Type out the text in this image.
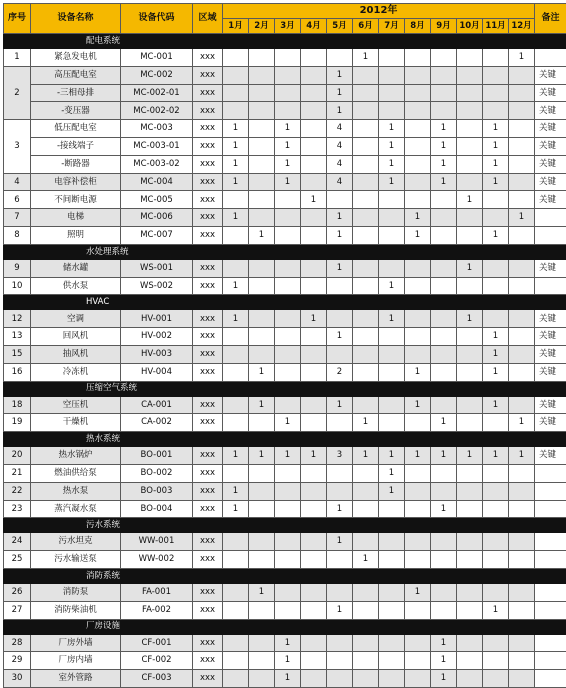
序号	设备名称	设备代码	区域	2012年												备注
				1月	2月	3月	4月	5月	6月	7月	8月	9月	10月	11月	12月	
	配电系统															
1	紧急发电机	MC-001	xxx						1						1	
2	高压配电室	MC-002	xxx					1								关键
	-三相母排	MC-002-01	xxx					1								关键
	-变压器	MC-002-02	xxx					1								关键
3	低压配电室	MC-003	xxx	1		1		4		1		1		1		关键
	-接线端子	MC-003-01	xxx	1		1		4		1		1		1		关键
	-断路器	MC-003-02	xxx	1		1		4		1		1		1		关键
4	电容补偿柜	MC-004	xxx	1		1		4		1		1		1		关键
6	不间断电源	MC-005	xxx				1						1			关键
7	电梯	MC-006	xxx	1				1			1				1	
8	照明	MC-007	xxx		1			1			1			1		
	水处理系统															
9	储水罐	WS-001	xxx					1					1			关键
10	供水泵	WS-002	xxx	1						1						
	HVAC															
12	空调	HV-001	xxx	1			1			1			1			关键
13	回风机	HV-002	xxx					1						1		关键
15	抽风机	HV-003	xxx											1		关键
16	冷冻机	HV-004	xxx		1			2			1			1		关键
	压缩空气系统															
18	空压机	CA-001	xxx		1			1			1			1		关键
19	干燥机	CA-002	xxx			1			1			1			1	关键
	热水系统															
20	热水锅炉	BO-001	xxx	1	1	1	1	3	1	1	1	1	1	1	1	关键
21	燃油供给泵	BO-002	xxx							1						
22	热水泵	BO-003	xxx	1						1						
23	蒸汽凝水泵	BO-004	xxx	1				1				1				
	污水系统															
24	污水坦克	WW-001	xxx					1								
25	污水输送泵	WW-002	xxx						1							
	消防系统															
26	消防泵	FA-001	xxx		1						1					
27	消防柴油机	FA-002	xxx					1						1		
	厂房设施															
28	厂房外墙	CF-001	xxx			1						1				
29	厂房内墙	CF-002	xxx			1						1				
30	室外管路	CF-003	xxx			1						1				
